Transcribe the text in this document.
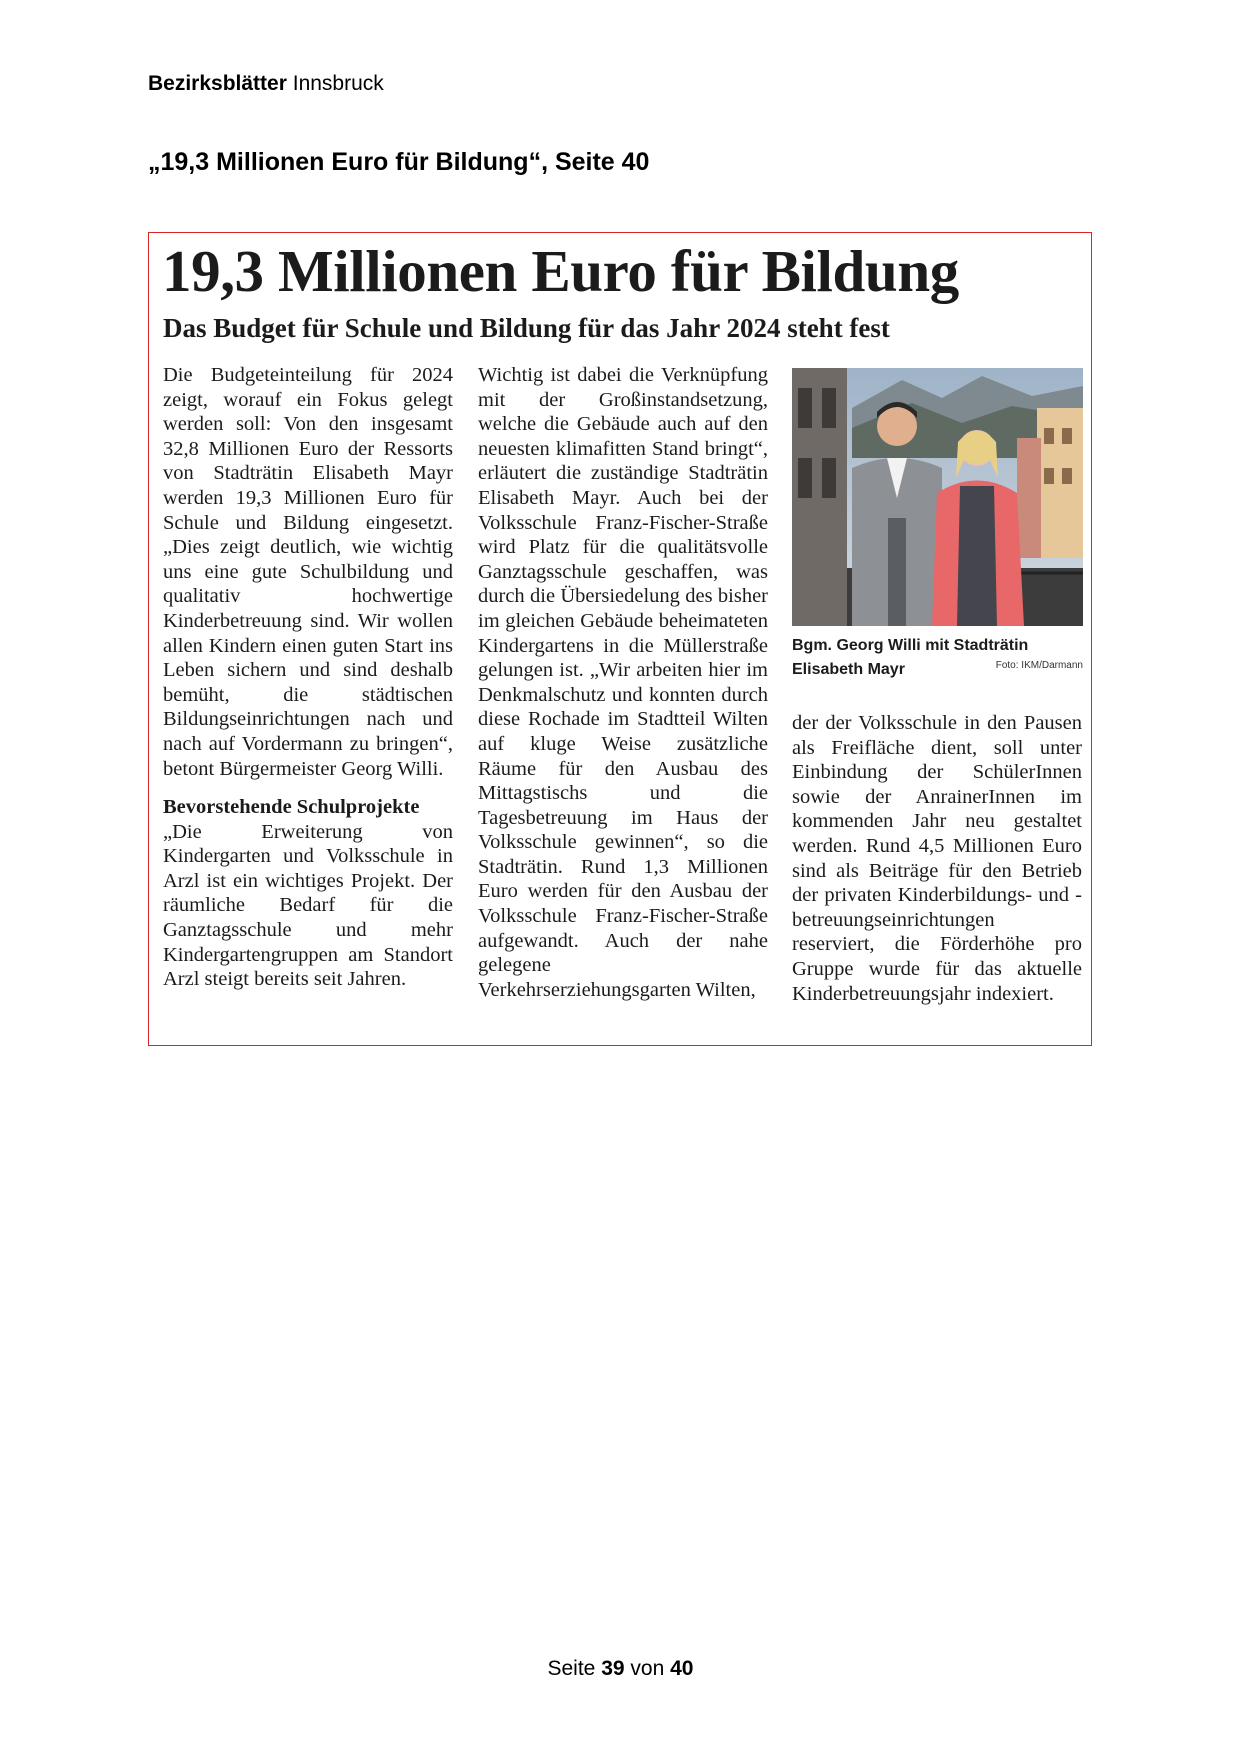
Bezirksblätter Innsbruck
„19,3 Millionen Euro für Bildung“, Seite 40
19,3 Millionen Euro für Bildung
Das Budget für Schule und Bildung für das Jahr 2024 steht fest

Die Budgeteinteilung für 2024 zeigt, worauf ein Fokus gelegt werden soll: Von den insgesamt 32,8 Millionen Euro der Ressorts von Stadträtin Elisabeth Mayr werden 19,3 Millionen Euro für Schule und Bildung eingesetzt. „Dies zeigt deutlich, wie wichtig uns eine gute Schulbildung und qualitativ hochwertige Kinderbetreuung sind. Wir wollen allen Kindern einen guten Start ins Leben sichern und sind deshalb bemüht, die städtischen Bildungseinrichtungen nach und nach auf Vordermann zu bringen“, betont Bürgermeister Georg Willi.

Bevorstehende Schulprojekte

„Die Erweiterung von Kindergarten und Volksschule in Arzl ist ein wichtiges Projekt. Der räumliche Bedarf für die Ganztagsschule und mehr Kindergartengruppen am Standort Arzl steigt bereits seit Jahren.

Wichtig ist dabei die Verknüpfung mit der Großinstandsetzung, welche die Gebäude auch auf den neuesten klimafitten Stand bringt“, erläutert die zuständige Stadträtin Elisabeth Mayr. Auch bei der Volksschule Franz-Fischer-Straße wird Platz für die qualitätsvolle Ganztagsschule geschaffen, was durch die Übersiedelung des bisher im gleichen Gebäude beheimateten Kindergartens in die Müllerstraße gelungen ist. „Wir arbeiten hier im Denkmalschutz und konnten durch diese Rochade im Stadtteil Wilten auf kluge Weise zusätzliche Räume für den Ausbau des Mittagstischs und die Tagesbetreuung im Haus der Volksschule gewinnen“, so die Stadträtin. Rund 1,3 Millionen Euro werden für den Ausbau der Volksschule Franz-Fischer-Straße aufgewandt. Auch der nahe gelegene Verkehrserziehungsgarten Wilten,

Bgm. Georg Willi mit Stadträtin Elisabeth Mayr	Foto: IKM/Darmann

der der Volksschule in den Pausen als Freifläche dient, soll unter Einbindung der SchülerInnen sowie der AnrainerInnen im kommenden Jahr neu gestaltet werden. Rund 4,5 Millionen Euro sind als Beiträge für den Betrieb der privaten Kinderbildungs- und -betreuungseinrichtungen reserviert, die Förderhöhe pro Gruppe wurde für das aktuelle Kinderbetreuungsjahr indexiert.

Seite 39 von 40
